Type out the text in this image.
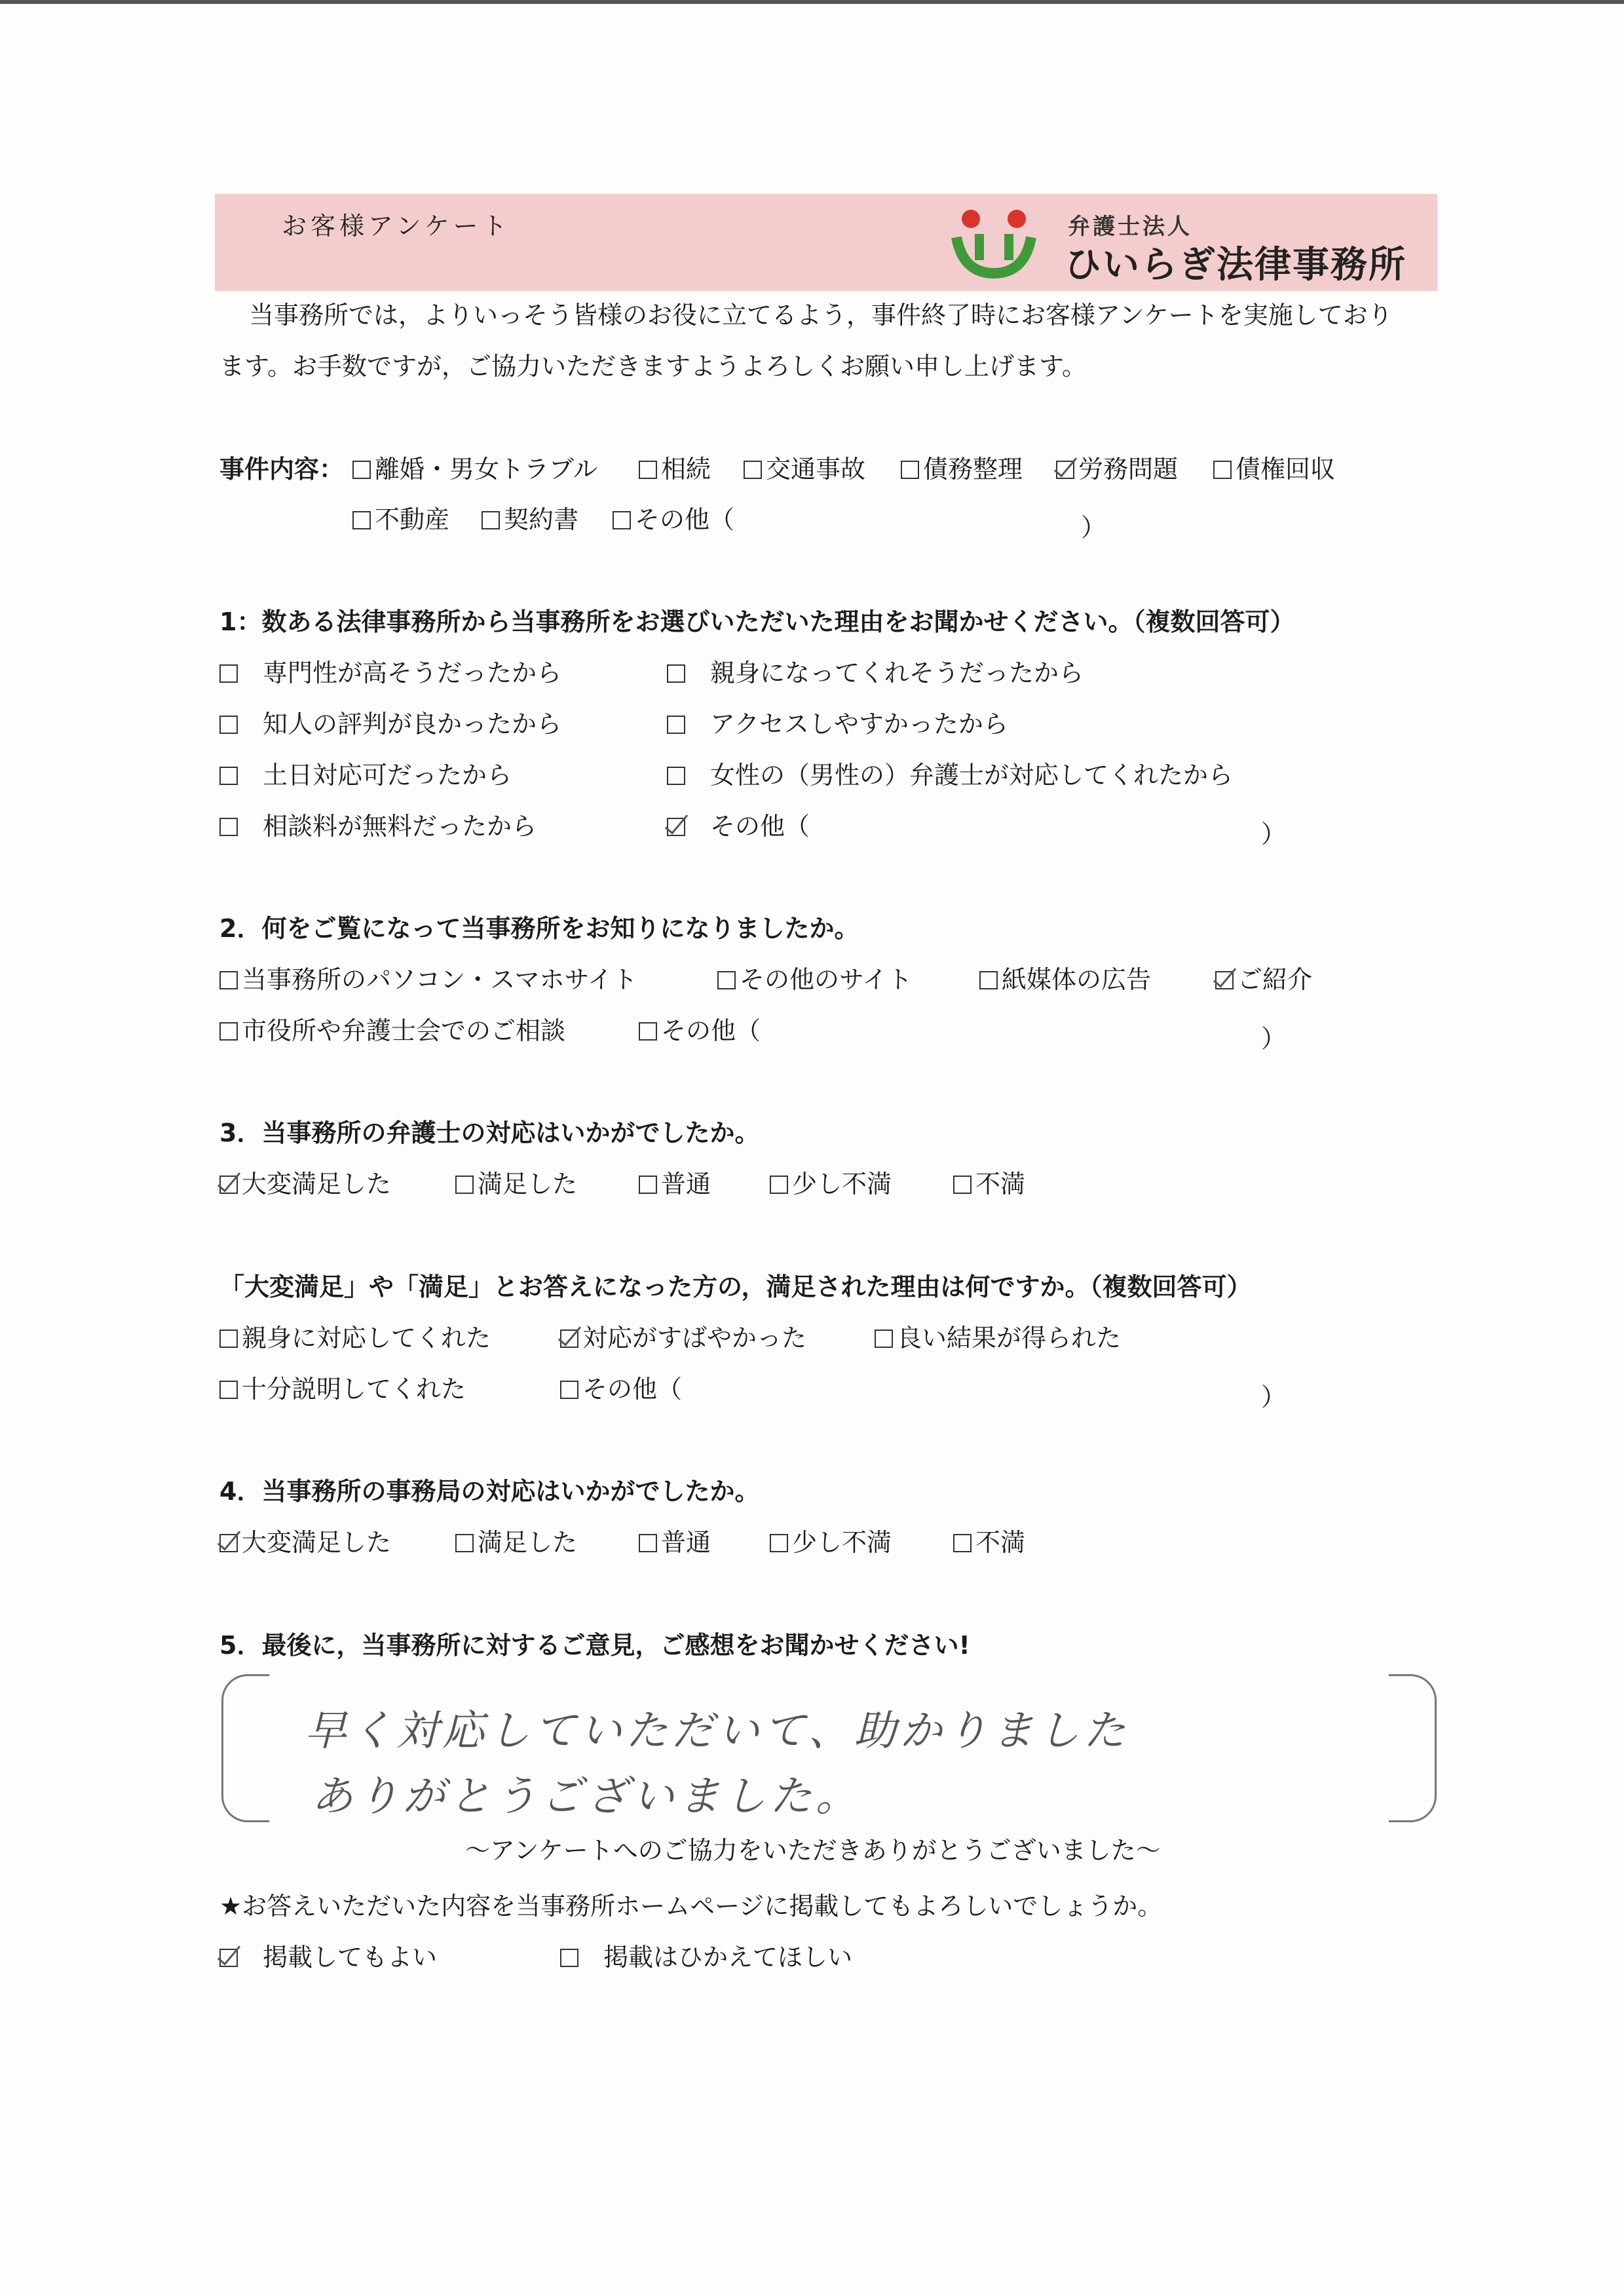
お客様アンケート	弁護士法人
ひいらぎ法律事務所
当事務所では，よりいっそう皆様のお役に立てるよう，事件終了時にお客様アンケートを実施しており
ます。お手数ですが，ご協力いただきますようよろしくお願い申し上げます。
事件内容：	離婚・男女トラブル	相続	交通事故	債務整理	労務問題	債権回収
不動産	契約書	その他（	）
1：数ある法律事務所から当事務所をお選びいただいた理由をお聞かせください。（複数回答可）
専門性が高そうだったから	親身になってくれそうだったから
知人の評判が良かったから	アクセスしやすかったから
土日対応可だったから	女性の（男性の）弁護士が対応してくれたから
相談料が無料だったから	その他（	）
2．何をご覧になって当事務所をお知りになりましたか。
当事務所のパソコン・スマホサイト	その他のサイト	紙媒体の広告	ご紹介
市役所や弁護士会でのご相談	その他（	）
3．当事務所の弁護士の対応はいかがでしたか。
大変満足した	満足した	普通	少し不満	不満
「大変満足」や「満足」とお答えになった方の，満足された理由は何ですか。（複数回答可）
親身に対応してくれた	対応がすばやかった	良い結果が得られた
十分説明してくれた	その他（	）
4．当事務所の事務局の対応はいかがでしたか。
大変満足した	満足した	普通	少し不満	不満
5．最後に，当事務所に対するご意見，ご感想をお聞かせください!
早く対応していただいて、助かりました
ありがとうございました。
～アンケートへのご協力をいただきありがとうございました～
★お答えいただいた内容を当事務所ホームページに掲載してもよろしいでしょうか。
掲載してもよい	掲載はひかえてほしい
